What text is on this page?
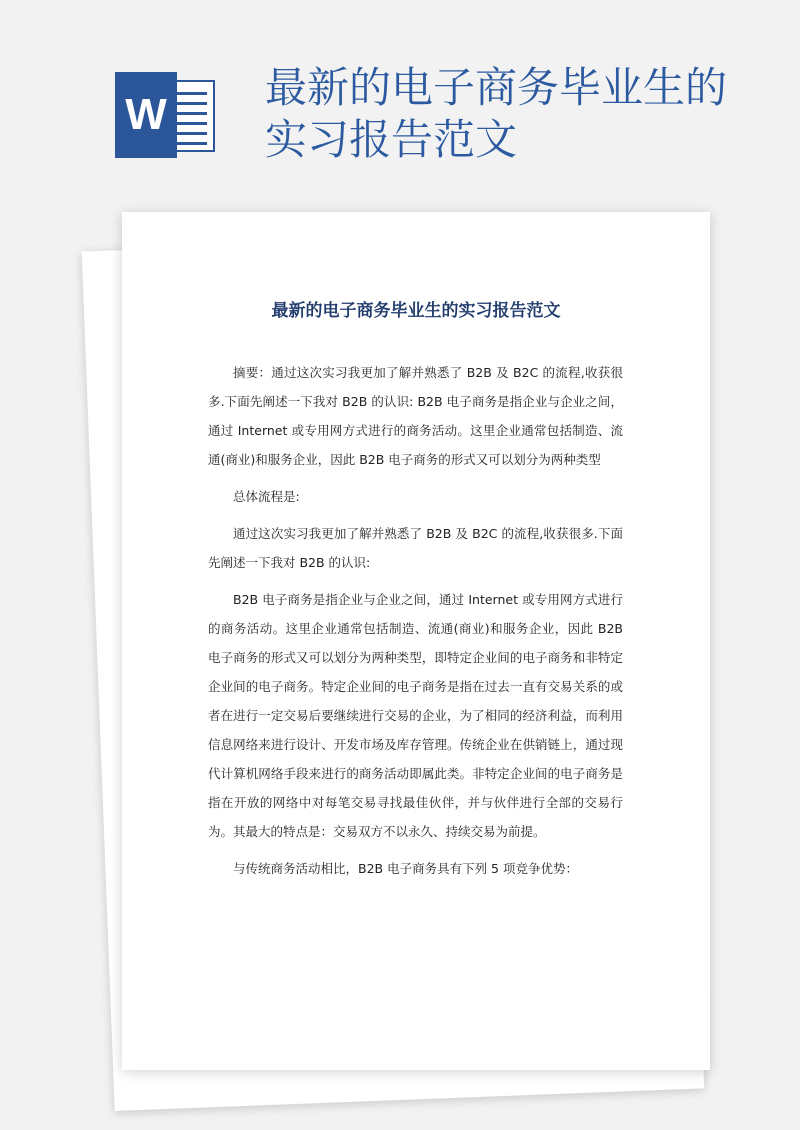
W
最新的电子商务毕业生的实习报告范文
最新的电子商务毕业生的实习报告范文

摘要：通过这次实习我更加了解并熟悉了 B2B 及 B2C 的流程,收获很多.下面先阐述一下我对 B2B 的认识: B2B 电子商务是指企业与企业之间，通过 Internet 或专用网方式进行的商务活动。这里企业通常包括制造、流通(商业)和服务企业，因此 B2B 电子商务的形式又可以划分为两种类型

总体流程是:

通过这次实习我更加了解并熟悉了 B2B 及 B2C 的流程,收获很多.下面先阐述一下我对 B2B 的认识:

B2B 电子商务是指企业与企业之间，通过 Internet 或专用网方式进行的商务活动。这里企业通常包括制造、流通(商业)和服务企业，因此 B2B 电子商务的形式又可以划分为两种类型，即特定企业间的电子商务和非特定企业间的电子商务。特定企业间的电子商务是指在过去一直有交易关系的或者在进行一定交易后要继续进行交易的企业，为了相同的经济利益，而利用信息网络来进行设计、开发市场及库存管理。传统企业在供销链上，通过现代计算机网络手段来进行的商务活动即属此类。非特定企业间的电子商务是指在开放的网络中对每笔交易寻找最佳伙伴，并与伙伴进行全部的交易行为。其最大的特点是：交易双方不以永久、持续交易为前提。

与传统商务活动相比，B2B 电子商务具有下列 5 项竞争优势：
